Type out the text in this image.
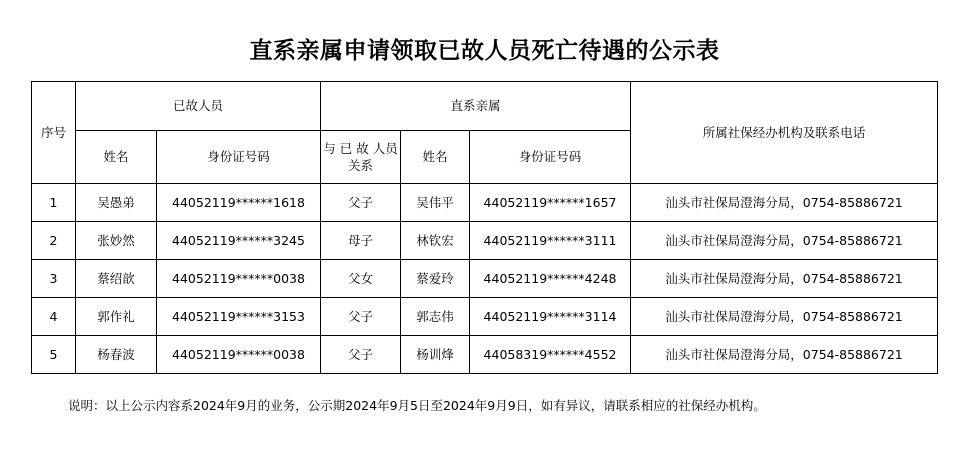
直系亲属申请领取已故人员死亡待遇的公示表
序号	已故人员		直系亲属			所属社保经办机构及联系电话
	姓名	身份证号码	与 已 故 人员关系	姓名	身份证号码	
1	吴愚弟	44052119******1618	父子	吴伟平	44052119******1657	汕头市社保局澄海分局，0754-85886721
2	张妙然	44052119******3245	母子	林钦宏	44052119******3111	汕头市社保局澄海分局，0754-85886721
3	蔡绍歆	44052119******0038	父女	蔡爱玲	44052119******4248	汕头市社保局澄海分局，0754-85886721
4	郭作礼	44052119******3153	父子	郭志伟	44052119******3114	汕头市社保局澄海分局，0754-85886721
5	杨春波	44052119******0038	父子	杨训烽	44058319******4552	汕头市社保局澄海分局，0754-85886721
说明：以上公示内容系2024年9月的业务，公示期2024年9月5日至2024年9月9日，如有异议，请联系相应的社保经办机构。
